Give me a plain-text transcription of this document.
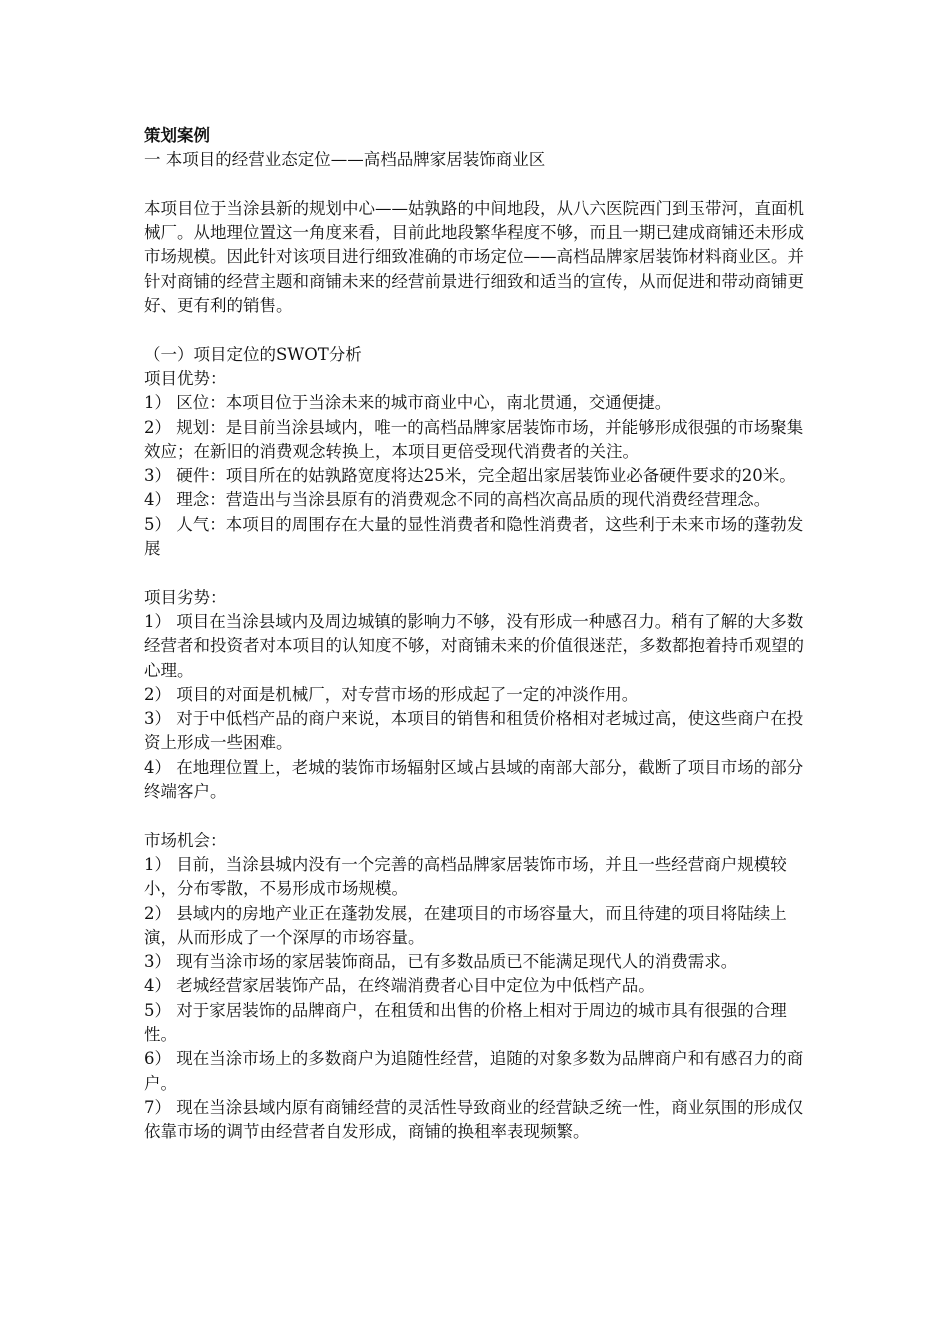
策划案例

一 本项目的经营业态定位——高档品牌家居装饰商业区

本项目位于当涂县新的规划中心——姑孰路的中间地段，从八六医院西门到玉带河，直面机械厂。从地理位置这一角度来看，目前此地段繁华程度不够，而且一期已建成商铺还未形成市场规模。因此针对该项目进行细致准确的市场定位——高档品牌家居装饰材料商业区。并针对商铺的经营主题和商铺未来的经营前景进行细致和适当的宣传，从而促进和带动商铺更好、更有利的销售。

（一）项目定位的SWOT分析

项目优势：

1） 区位：本项目位于当涂未来的城市商业中心，南北贯通，交通便捷。

2） 规划：是目前当涂县域内，唯一的高档品牌家居装饰市场，并能够形成很强的市场聚集效应；在新旧的消费观念转换上，本项目更倍受现代消费者的关注。

3） 硬件：项目所在的姑孰路宽度将达25米，完全超出家居装饰业必备硬件要求的20米。

4） 理念：营造出与当涂县原有的消费观念不同的高档次高品质的现代消费经营理念。

5） 人气：本项目的周围存在大量的显性消费者和隐性消费者，这些利于未来市场的蓬勃发展

项目劣势：

1） 项目在当涂县域内及周边城镇的影响力不够，没有形成一种感召力。稍有了解的大多数经营者和投资者对本项目的认知度不够，对商铺未来的价值很迷茫，多数都抱着持币观望的心理。

2） 项目的对面是机械厂，对专营市场的形成起了一定的冲淡作用。

3） 对于中低档产品的商户来说，本项目的销售和租赁价格相对老城过高，使这些商户在投资上形成一些困难。

4） 在地理位置上，老城的装饰市场辐射区域占县域的南部大部分，截断了项目市场的部分终端客户。

市场机会：

1） 目前，当涂县城内没有一个完善的高档品牌家居装饰市场，并且一些经营商户规模较小，分布零散，不易形成市场规模。

2） 县域内的房地产业正在蓬勃发展，在建项目的市场容量大，而且待建的项目将陆续上演，从而形成了一个深厚的市场容量。

3） 现有当涂市场的家居装饰商品，已有多数品质已不能满足现代人的消费需求。

4） 老城经营家居装饰产品，在终端消费者心目中定位为中低档产品。

5） 对于家居装饰的品牌商户，在租赁和出售的价格上相对于周边的城市具有很强的合理性。

6） 现在当涂市场上的多数商户为追随性经营，追随的对象多数为品牌商户和有感召力的商户。

7） 现在当涂县域内原有商铺经营的灵活性导致商业的经营缺乏统一性，商业氛围的形成仅依靠市场的调节由经营者自发形成，商铺的换租率表现频繁。
